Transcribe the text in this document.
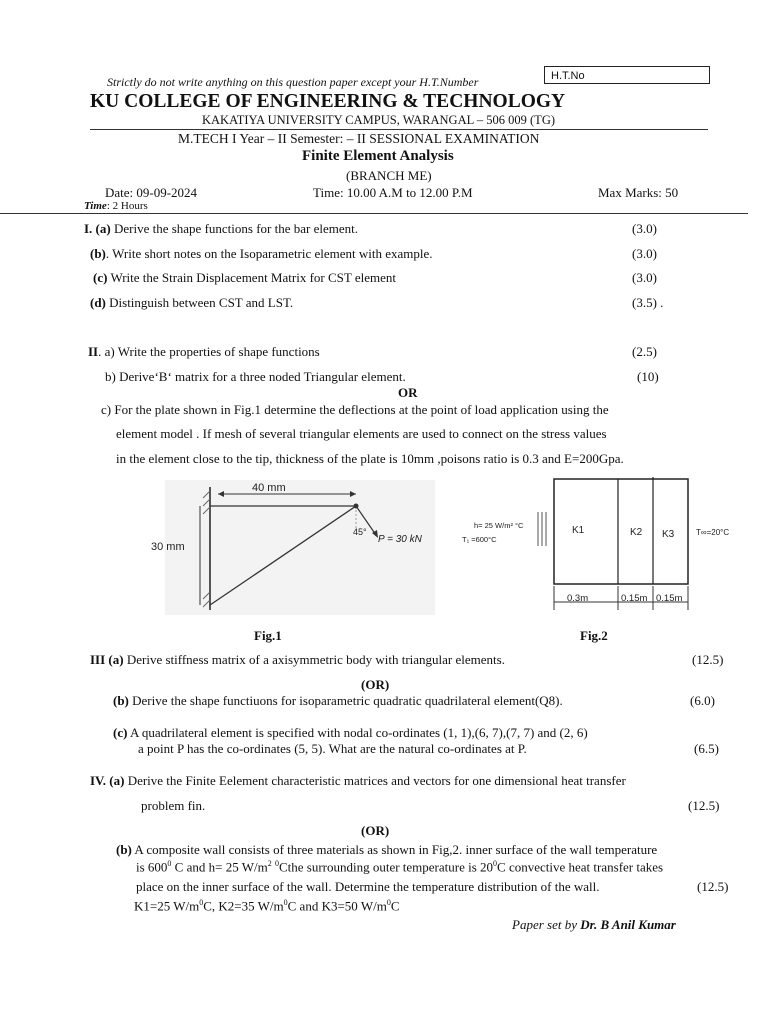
Strictly do not write anything on this question paper except your H.T.Number	H.T.No
KU COLLEGE OF ENGINEERING & TECHNOLOGY
KAKATIYA UNIVERSITY CAMPUS, WARANGAL – 506 009 (TG)
M.TECH I Year – II Semester: – II SESSIONAL EXAMINATION
Finite Element Analysis
(BRANCH ME)
Date: 09-09-2024	Time: 10.00 A.M to 12.00 P.M	Max Marks: 50
Time: 2 Hours
I. (a) Derive the shape functions for the bar element.	(3.0)
(b). Write short notes on the Isoparametric element with example.	(3.0)
(c) Write the Strain Displacement Matrix for CST element	(3.0)
(d) Distinguish between CST and LST.	(3.5) .
II. a) Write the properties of shape functions	(2.5)
b) Derive‘B‘ matrix for a three noded Triangular element.	(10)
OR
c) For the plate shown in Fig.1 determine the deflections at the point of load application using the
element model . If mesh of several triangular elements are used to connect on the stress values
in the element close to the tip, thickness of the plate is 10mm ,poisons ratio is 0.3 and E=200Gpa.
40 mm
30 mm
45°
P = 30 kN
Fig.1
h= 25 W/m² °C
T₁ =600°C
K1	K2 K3	T∞=20°C
0.3m	0.15m 0.15m
Fig.2
III (a) Derive stiffness matrix of a axisymmetric body with triangular elements.	(12.5)
(OR)
(b) Derive the shape functiuons for isoparametric quadratic quadrilateral element(Q8).	(6.0)
(c) A quadrilateral element is specified with nodal co-ordinates (1, 1),(6, 7),(7, 7) and (2, 6)
a point P has the co-ordinates (5, 5). What are the natural co-ordinates at P.	(6.5)
IV. (a) Derive the Finite Eelement characteristic matrices and vectors for one dimensional heat transfer
problem fin.	(12.5)
(OR)
(b) A composite wall consists of three materials as shown in Fig,2. inner surface of the wall temperature
is $600^0$ C and h= 25 $W/m^2$ $^0$Cthe surrounding outer temperature is $20^0C$ convective heat transfer takes
place on the inner surface of the wall. Determine the temperature distribution of the wall.	(12.5)
K1=25 $W/m^0C$, K2=35 $W/m^0C$ and K3=50 $W/m^0C$
Paper set by Dr. B Anil Kumar
